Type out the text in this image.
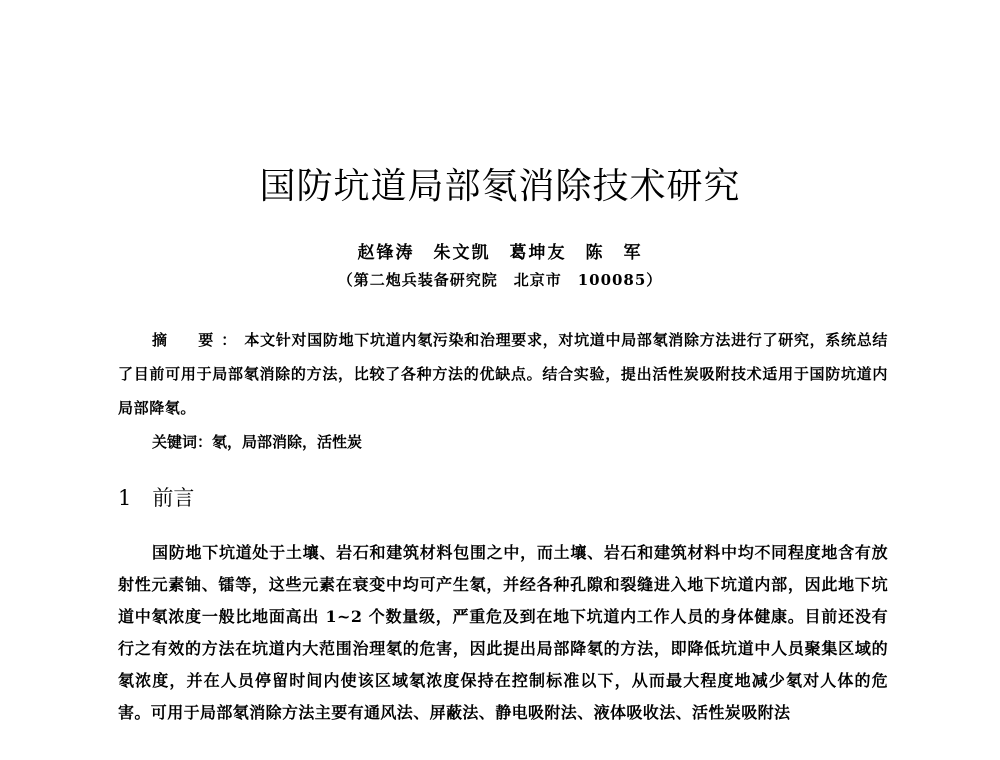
国防坑道局部氡消除技术研究
赵锋涛　朱文凯　葛坤友　陈　军
（第二炮兵装备研究院　北京市　100085）
摘　要：本文针对国防地下坑道内氡污染和治理要求，对坑道中局部氡消除方法进行了研究，系统总结了目前可用于局部氡消除的方法，比较了各种方法的优缺点。结合实验，提出活性炭吸附技术适用于国防坑道内局部降氡。
关键词：氡，局部消除，活性炭
1　前言
国防地下坑道处于土壤、岩石和建筑材料包围之中，而土壤、岩石和建筑材料中均不同程度地含有放射性元素铀、镭等，这些元素在衰变中均可产生氡，并经各种孔隙和裂缝进入地下坑道内部，因此地下坑道中氡浓度一般比地面高出 1~2 个数量级，严重危及到在地下坑道内工作人员的身体健康。目前还没有行之有效的方法在坑道内大范围治理氡的危害，因此提出局部降氡的方法，即降低坑道中人员聚集区域的氡浓度，并在人员停留时间内使该区域氡浓度保持在控制标准以下，从而最大程度地减少氡对人体的危害。可用于局部氡消除方法主要有通风法、屏蔽法、静电吸附法、液体吸收法、活性炭吸附法
